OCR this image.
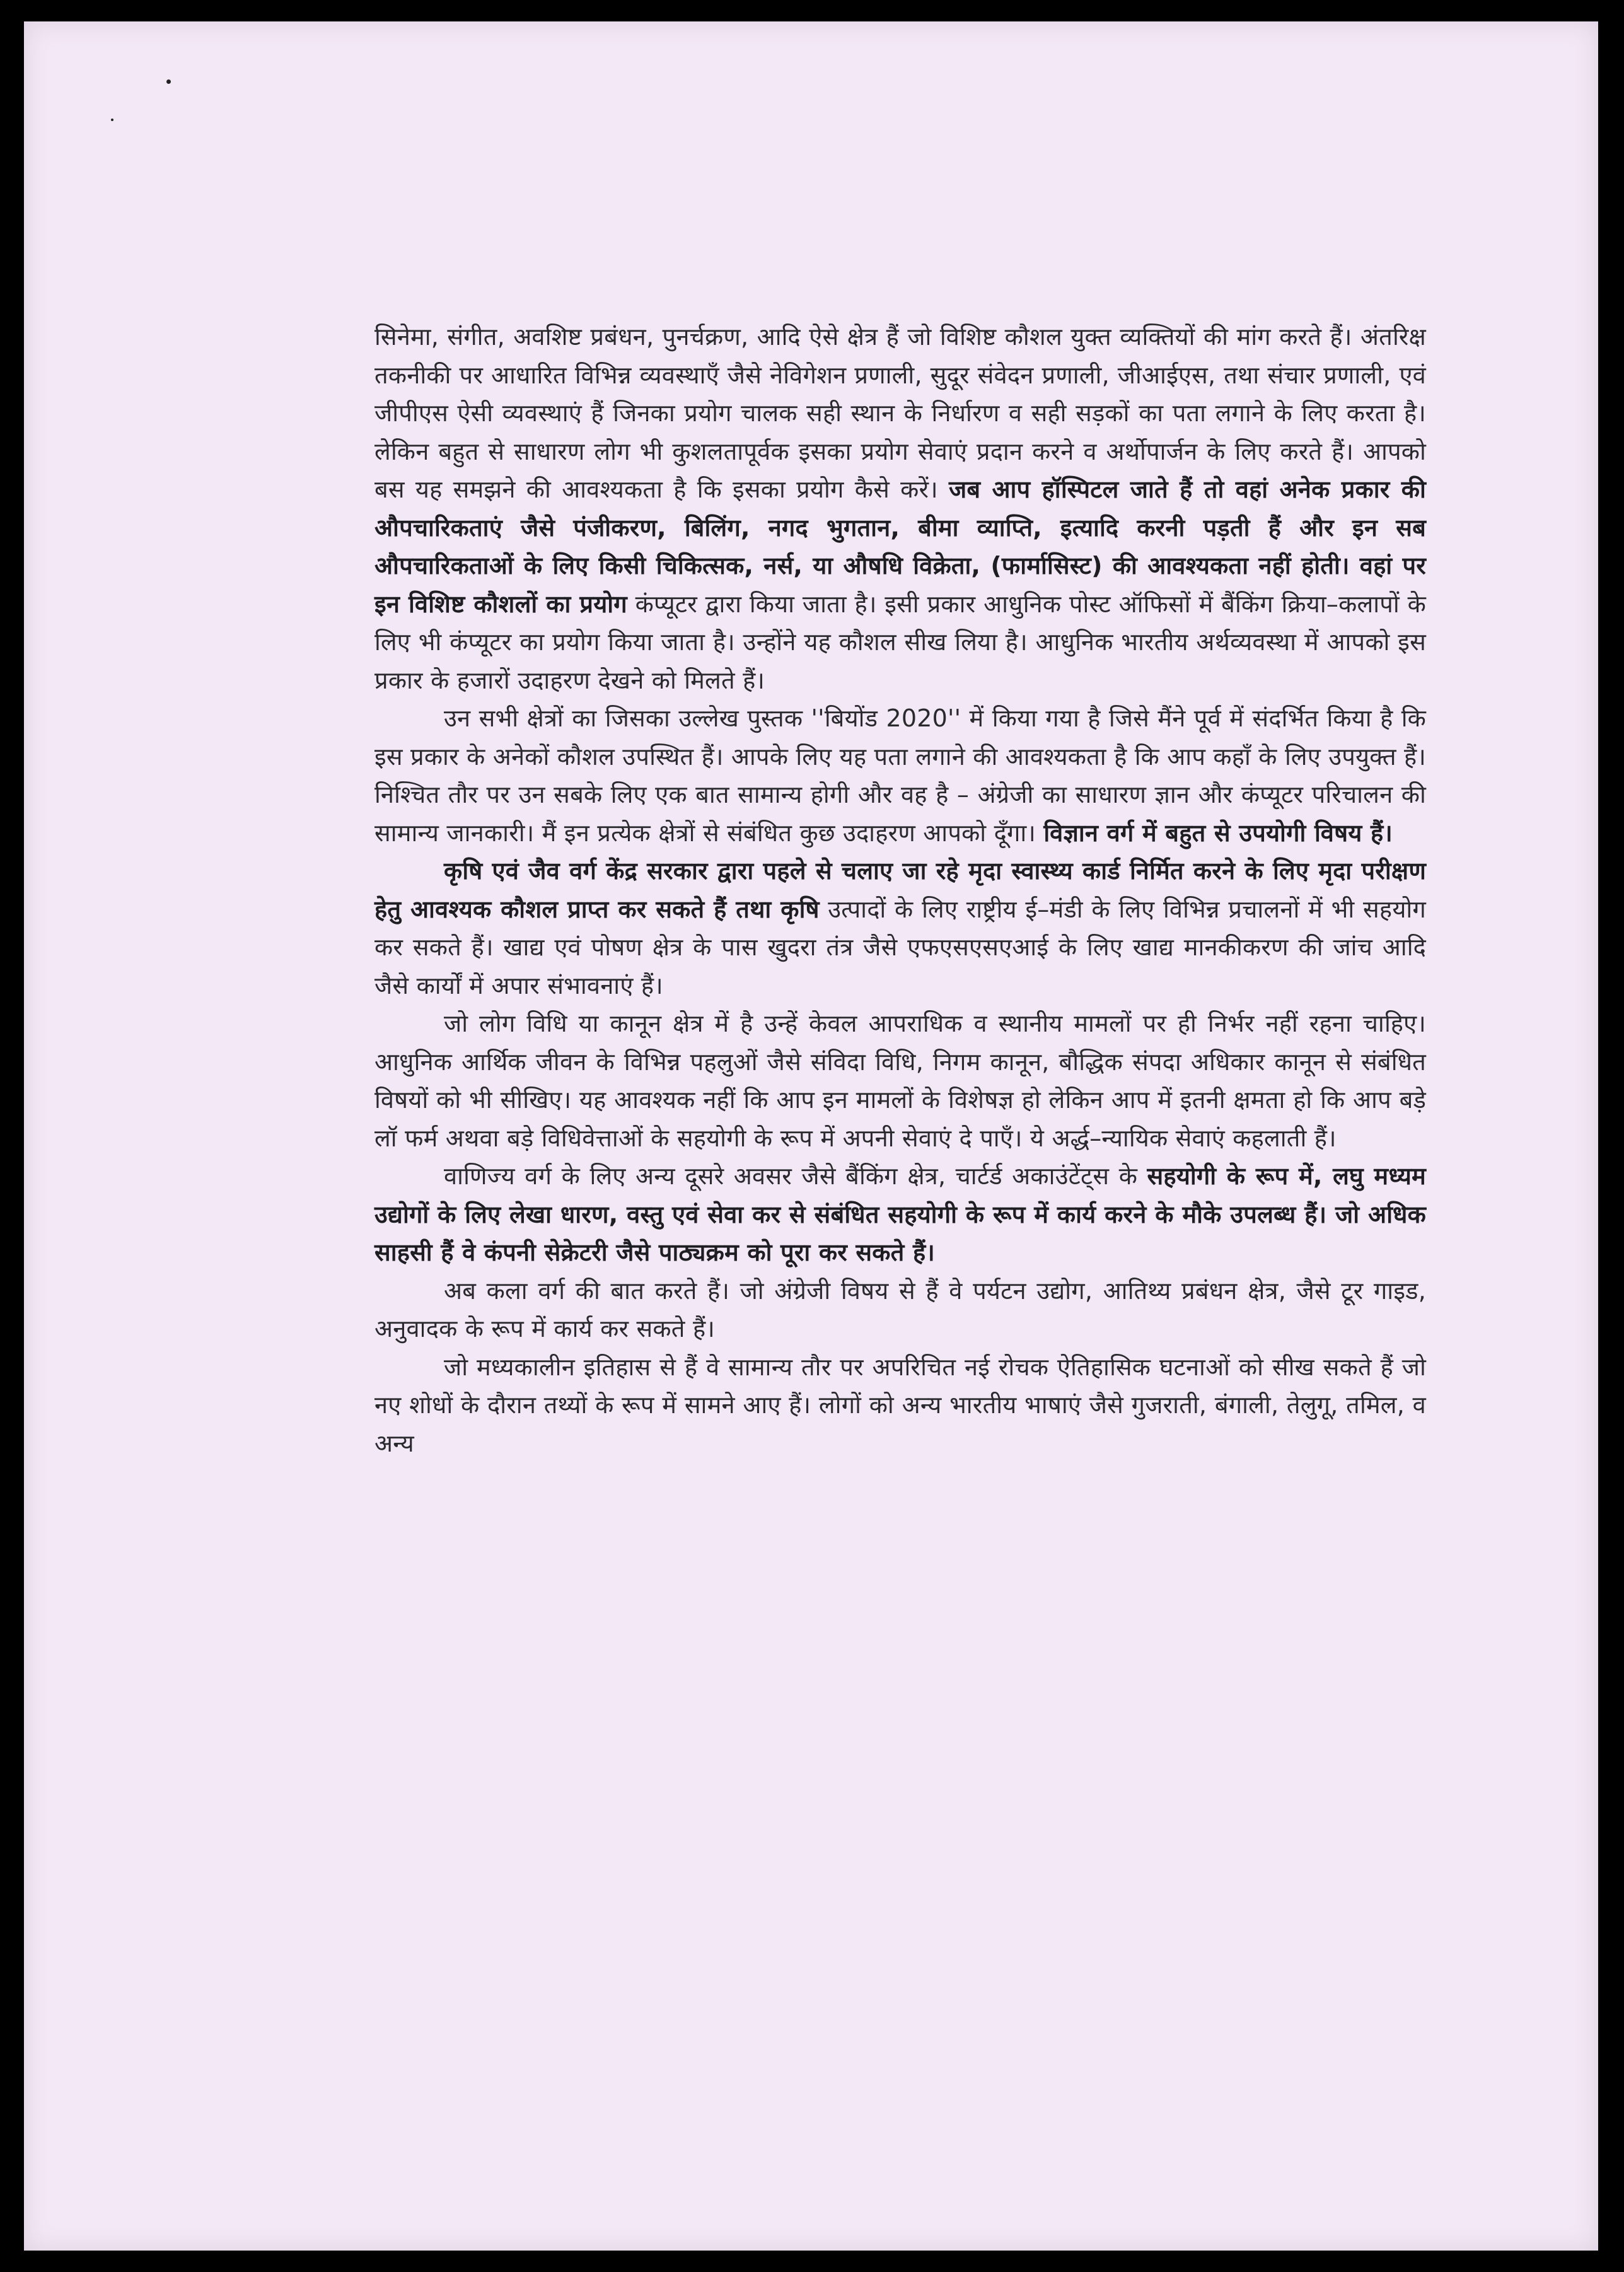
सिनेमा, संगीत, अवशिष्ट प्रबंधन, पुनर्चक्रण, आदि ऐसे क्षेत्र हैं जो विशिष्ट कौशल युक्त व्यक्तियों की मांग करते हैं। अंतरिक्ष तकनीकी पर आधारित विभिन्न व्यवस्थाएँ जैसे नेविगेशन प्रणाली, सुदूर संवेदन प्रणाली, जीआईएस, तथा संचार प्रणाली, एवं जीपीएस ऐसी व्यवस्थाएं हैं जिनका प्रयोग चालक सही स्थान के निर्धारण व सही सड़कों का पता लगाने के लिए करता है। लेकिन बहुत से साधारण लोग भी कुशलतापूर्वक इसका प्रयोग सेवाएं प्रदान करने व अर्थोपार्जन के लिए करते हैं। आपको बस यह समझने की आवश्यकता है कि इसका प्रयोग कैसे करें। जब आप हॉस्पिटल जाते हैं तो वहां अनेक प्रकार की औपचारिकताएं जैसे पंजीकरण, बिलिंग, नगद भुगतान, बीमा व्याप्ति, इत्यादि करनी पड़ती हैं और इन सब औपचारिकताओं के लिए किसी चिकित्सक, नर्स, या औषधि विक्रेता, (फार्मासिस्ट) की आवश्यकता नहीं होती। वहां पर इन विशिष्ट कौशलों का प्रयोग कंप्यूटर द्वारा किया जाता है। इसी प्रकार आधुनिक पोस्ट ऑफिसों में बैंकिंग क्रिया–कलापों के लिए भी कंप्यूटर का प्रयोग किया जाता है। उन्होंने यह कौशल सीख लिया है। आधुनिक भारतीय अर्थव्यवस्था में आपको इस प्रकार के हजारों उदाहरण देखने को मिलते हैं।

उन सभी क्षेत्रों का जिसका उल्लेख पुस्तक ''बियोंड 2020'' में किया गया है जिसे मैंने पूर्व में संदर्भित किया है कि इस प्रकार के अनेकों कौशल उपस्थित हैं। आपके लिए यह पता लगाने की आवश्यकता है कि आप कहाँ के लिए उपयुक्त हैं। निश्चित तौर पर उन सबके लिए एक बात सामान्य होगी और वह है – अंग्रेजी का साधारण ज्ञान और कंप्यूटर परिचालन की सामान्य जानकारी। मैं इन प्रत्येक क्षेत्रों से संबंधित कुछ उदाहरण आपको दूँगा। विज्ञान वर्ग में बहुत से उपयोगी विषय हैं।

कृषि एवं जैव वर्ग केंद्र सरकार द्वारा पहले से चलाए जा रहे मृदा स्वास्थ्य कार्ड निर्मित करने के लिए मृदा परीक्षण हेतु आवश्यक कौशल प्राप्त कर सकते हैं तथा कृषि उत्पादों के लिए राष्ट्रीय ई–मंडी के लिए विभिन्न प्रचालनों में भी सहयोग कर सकते हैं। खाद्य एवं पोषण क्षेत्र के पास खुदरा तंत्र जैसे एफएसएसएआई के लिए खाद्य मानकीकरण की जांच आदि जैसे कार्यों में अपार संभावनाएं हैं।

जो लोग विधि या कानून क्षेत्र में है उन्हें केवल आपराधिक व स्थानीय मामलों पर ही निर्भर नहीं रहना चाहिए। आधुनिक आर्थिक जीवन के विभिन्न पहलुओं जैसे संविदा विधि, निगम कानून, बौद्धिक संपदा अधिकार कानून से संबंधित विषयों को भी सीखिए। यह आवश्यक नहीं कि आप इन मामलों के विशेषज्ञ हो लेकिन आप में इतनी क्षमता हो कि आप बड़े लॉ फर्म अथवा बड़े विधिवेत्ताओं के सहयोगी के रूप में अपनी सेवाएं दे पाएँ। ये अर्द्ध–न्यायिक सेवाएं कहलाती हैं।

वाणिज्य वर्ग के लिए अन्य दूसरे अवसर जैसे बैंकिंग क्षेत्र, चार्टर्ड अकाउंटेंट्स के सहयोगी के रूप में, लघु मध्यम उद्योगों के लिए लेखा धारण, वस्तु एवं सेवा कर से संबंधित सहयोगी के रूप में कार्य करने के मौके उपलब्ध हैं। जो अधिक साहसी हैं वे कंपनी सेक्रेटरी जैसे पाठ्यक्रम को पूरा कर सकते हैं।

अब कला वर्ग की बात करते हैं। जो अंग्रेजी विषय से हैं वे पर्यटन उद्योग, आतिथ्य प्रबंधन क्षेत्र, जैसे टूर गाइड, अनुवादक के रूप में कार्य कर सकते हैं।

जो मध्यकालीन इतिहास से हैं वे सामान्य तौर पर अपरिचित नई रोचक ऐतिहासिक घटनाओं को सीख सकते हैं जो नए शोधों के दौरान तथ्यों के रूप में सामने आए हैं। लोगों को अन्य भारतीय भाषाएं जैसे गुजराती, बंगाली, तेलुगू, तमिल, व अन्य
